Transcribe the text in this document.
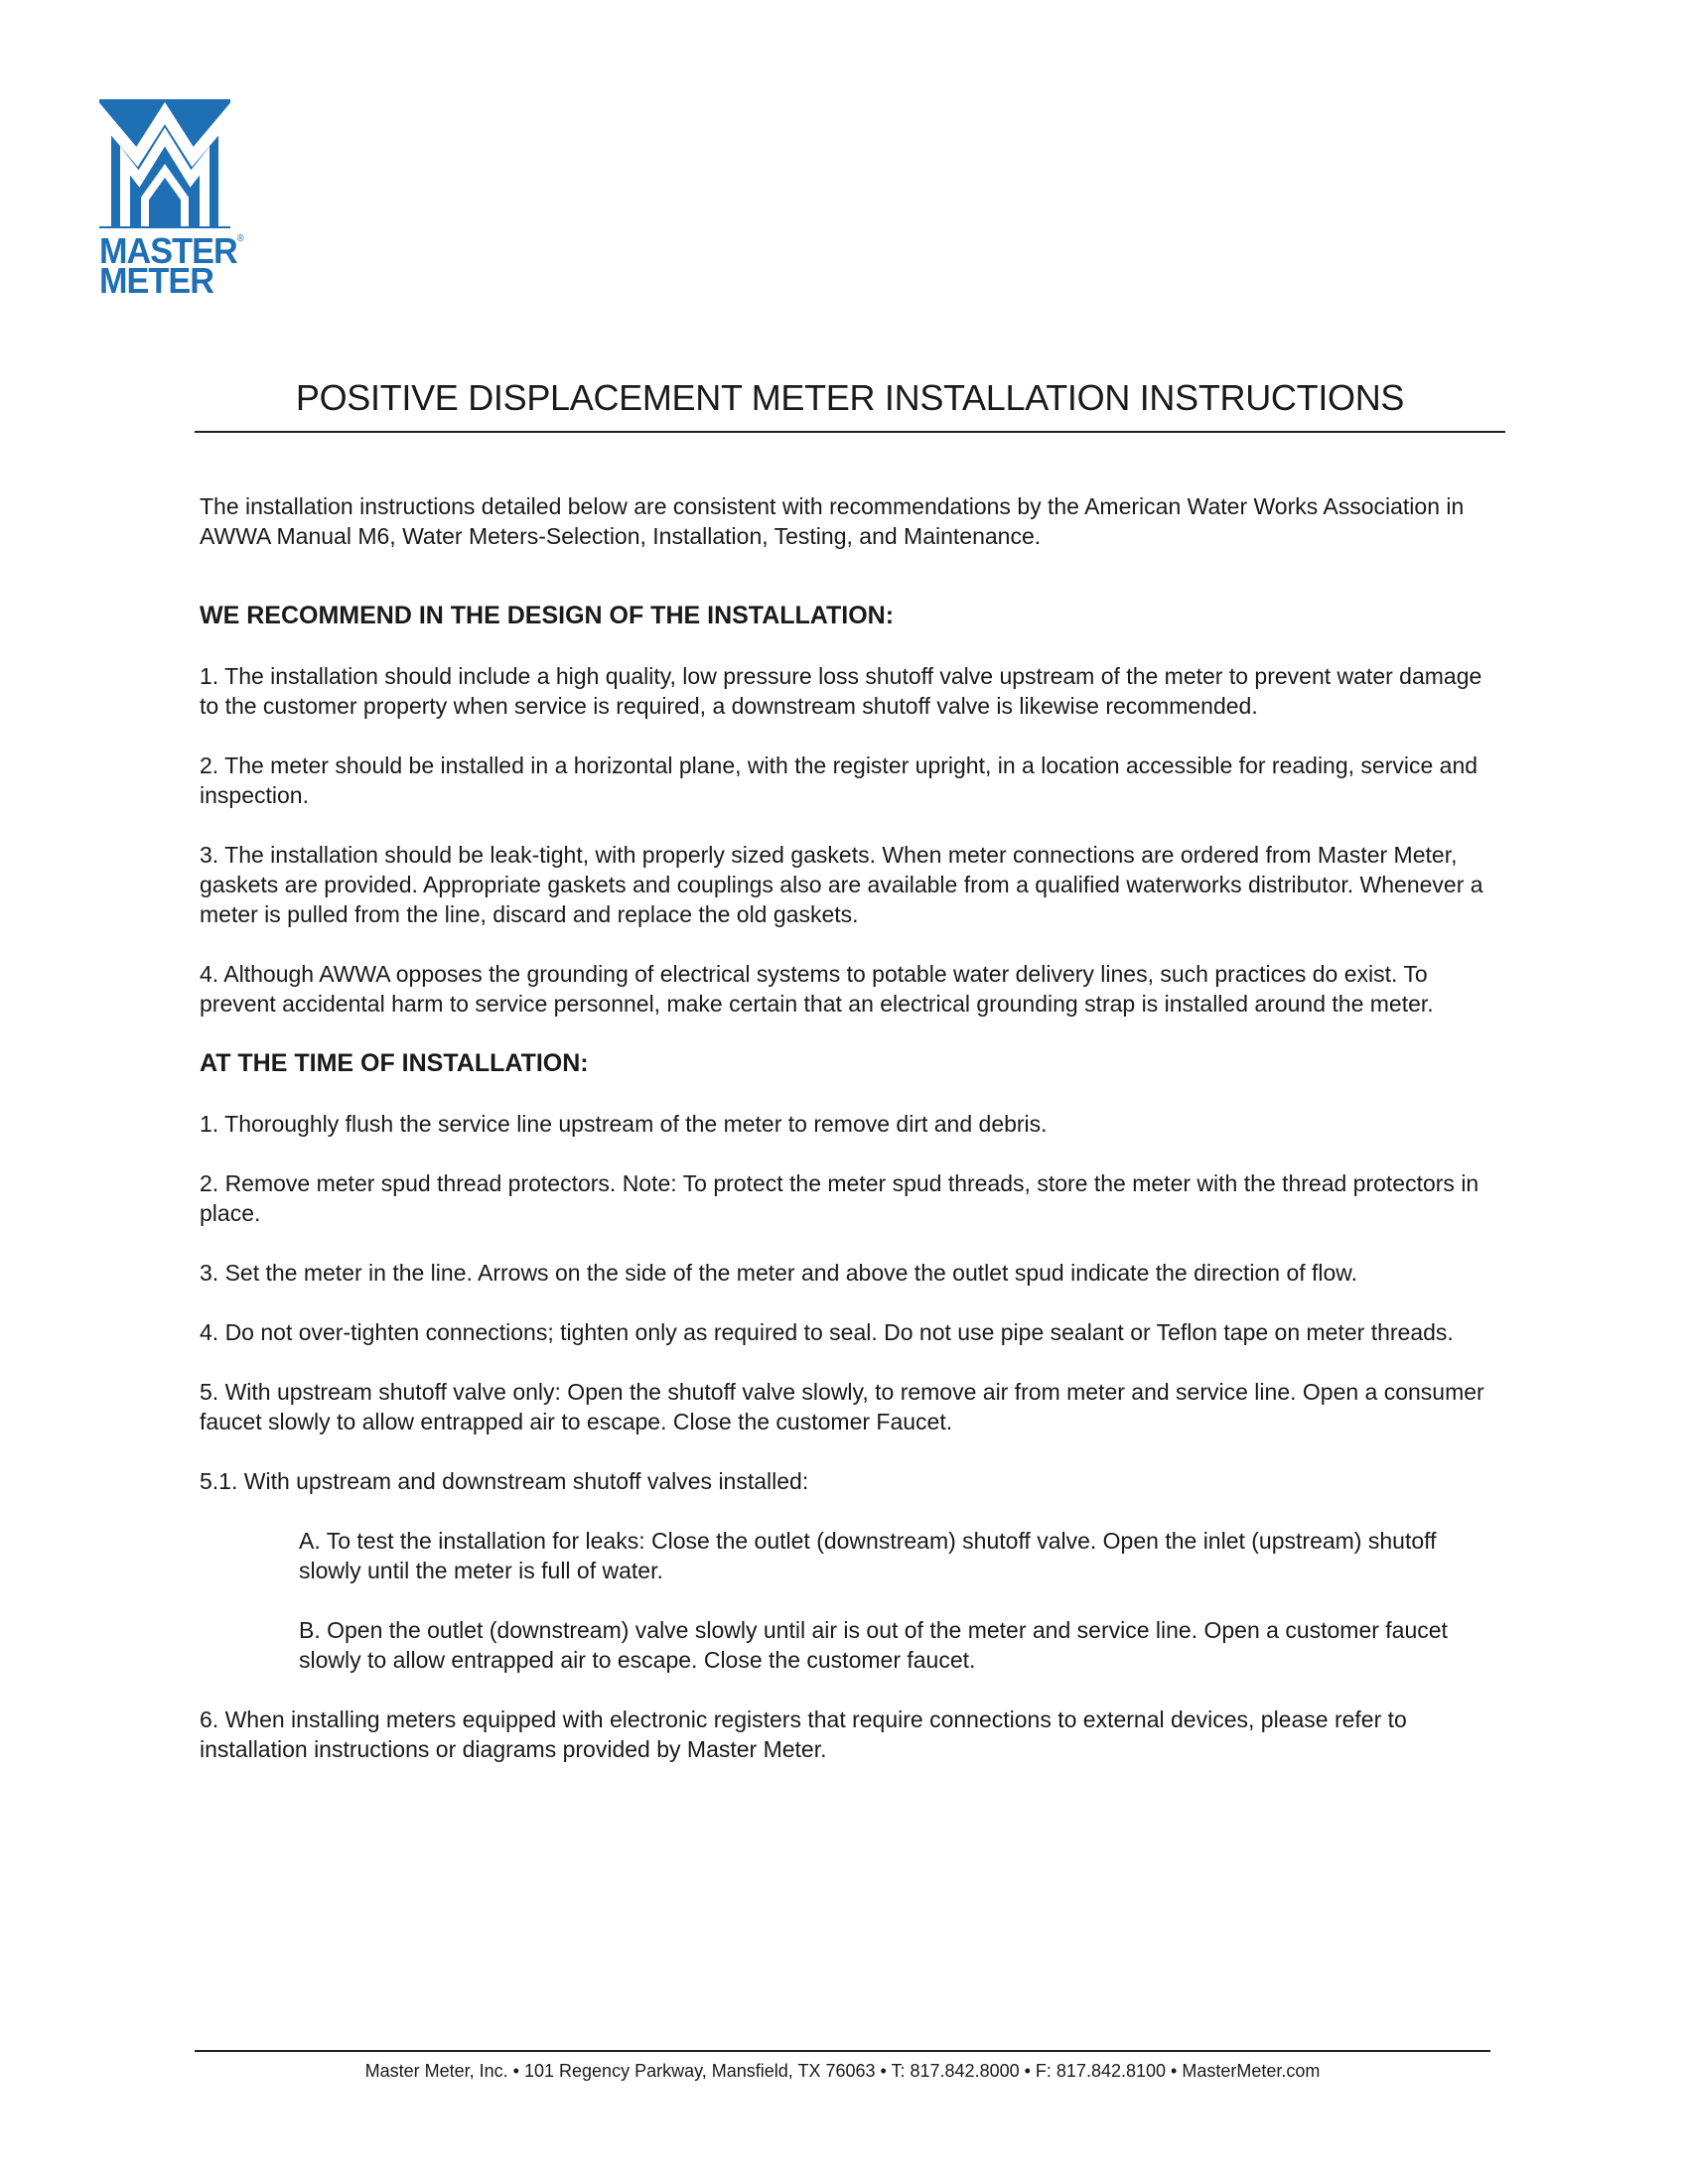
MASTER®
METER
POSITIVE DISPLACEMENT METER INSTALLATION INSTRUCTIONS

The installation instructions detailed below are consistent with recommendations by the American Water Works Association in AWWA Manual M6, Water Meters-Selection, Installation, Testing, and Maintenance.

WE RECOMMEND IN THE DESIGN OF THE INSTALLATION:

1. The installation should include a high quality, low pressure loss shutoff valve upstream of the meter to prevent water damage to the customer property when service is required, a downstream shutoff valve is likewise recommended.

2. The meter should be installed in a horizontal plane, with the register upright, in a location accessible for reading, service and inspection.

3. The installation should be leak-tight, with properly sized gaskets. When meter connections are ordered from Master Meter, gaskets are provided. Appropriate gaskets and couplings also are available from a qualified waterworks distributor. Whenever a meter is pulled from the line, discard and replace the old gaskets.

4. Although AWWA opposes the grounding of electrical systems to potable water delivery lines, such practices do exist. To prevent accidental harm to service personnel, make certain that an electrical grounding strap is installed around the meter.

AT THE TIME OF INSTALLATION:

1. Thoroughly flush the service line upstream of the meter to remove dirt and debris.

2. Remove meter spud thread protectors. Note: To protect the meter spud threads, store the meter with the thread protectors in place.

3. Set the meter in the line. Arrows on the side of the meter and above the outlet spud indicate the direction of flow.

4. Do not over-tighten connections; tighten only as required to seal. Do not use pipe sealant or Teflon tape on meter threads.

5. With upstream shutoff valve only: Open the shutoff valve slowly, to remove air from meter and service line. Open a consumer faucet slowly to allow entrapped air to escape. Close the customer Faucet.

5.1. With upstream and downstream shutoff valves installed:

A. To test the installation for leaks: Close the outlet (downstream) shutoff valve. Open the inlet (upstream) shutoff slowly until the meter is full of water.

B. Open the outlet (downstream) valve slowly until air is out of the meter and service line. Open a customer faucet slowly to allow entrapped air to escape. Close the customer faucet.

6. When installing meters equipped with electronic registers that require connections to external devices, please refer to installation instructions or diagrams provided by Master Meter.

Master Meter, Inc. • 101 Regency Parkway, Mansfield, TX 76063 • T: 817.842.8000 • F: 817.842.8100 • MasterMeter.com
